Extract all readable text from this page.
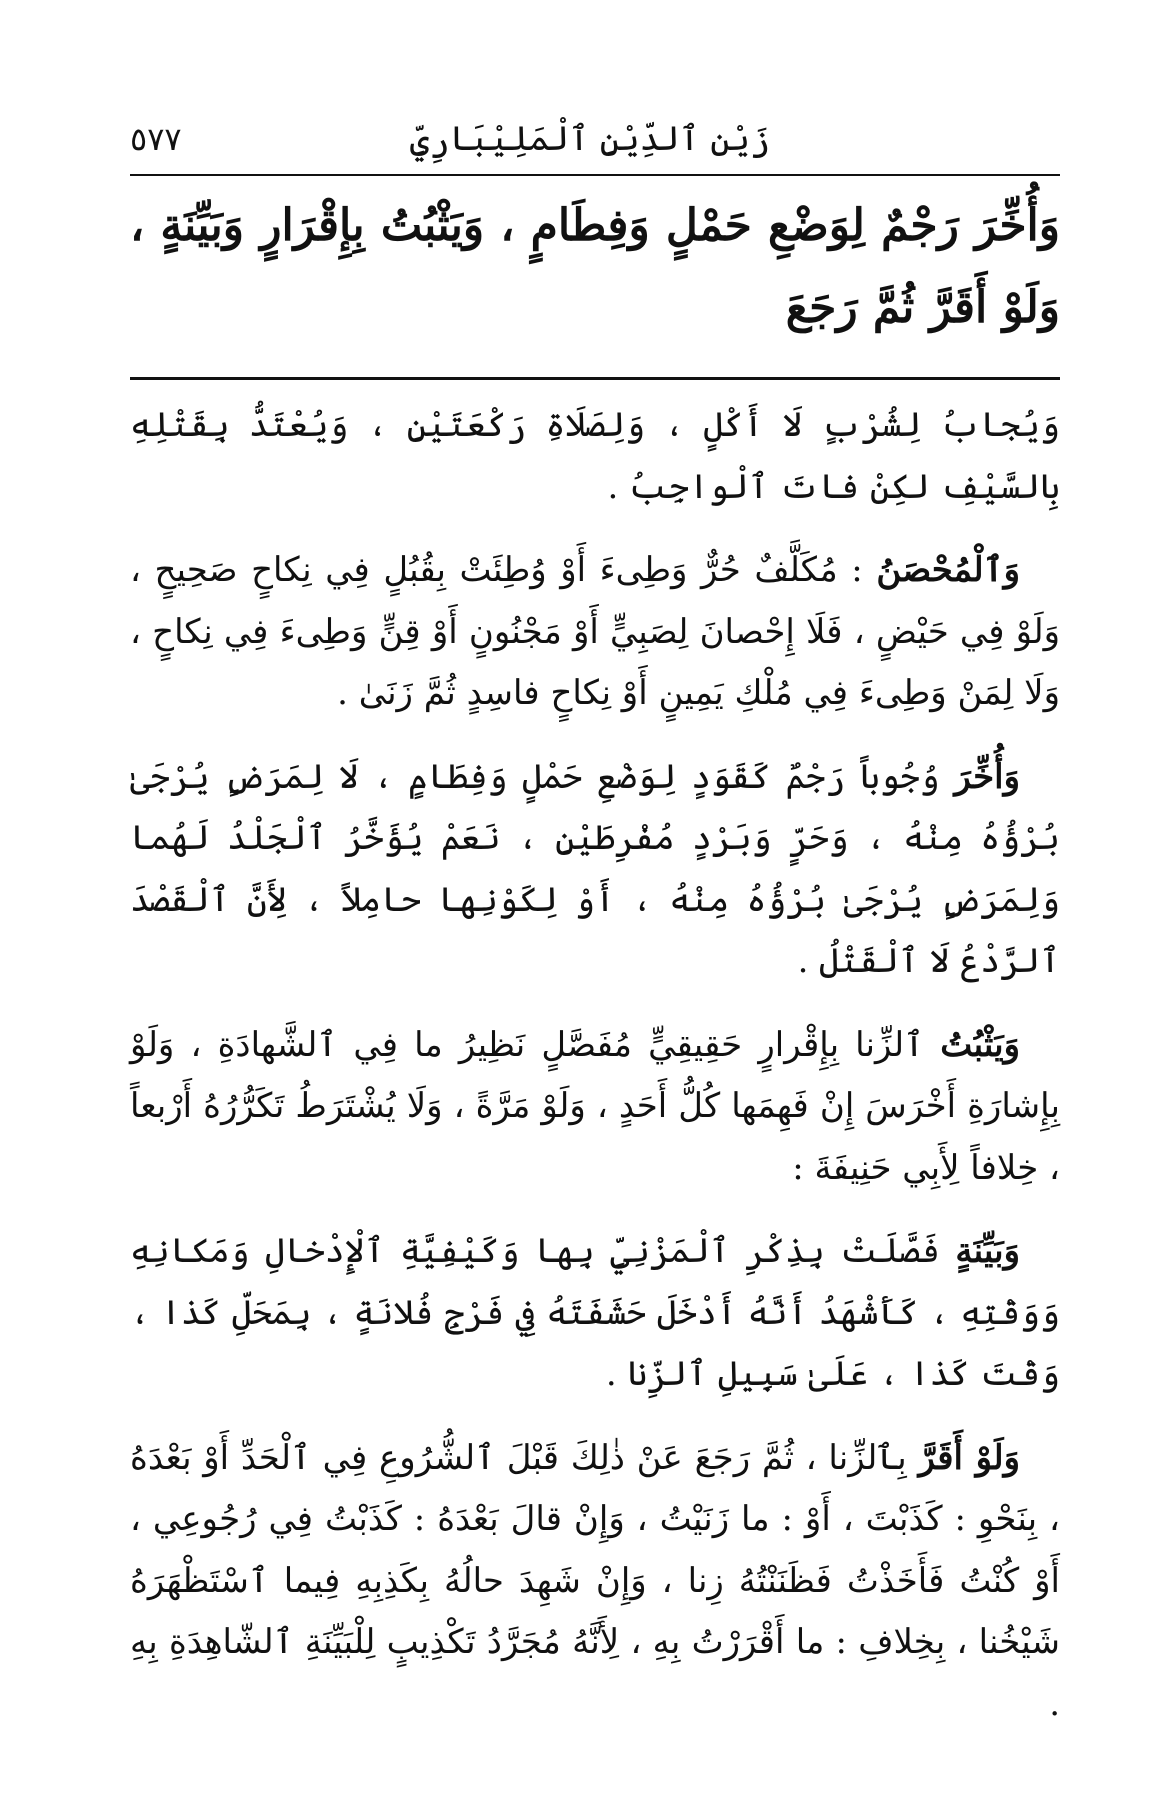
زَيْن ٱلدِّيْنِ ٱلْمَلِيْبَارِيِّ
٥٧٧
وَأُخِّرَ رَجْمٌ لِوَضْعِ حَمْلٍ وَفِطَامٍ ، وَيَثْبُتُ بِإِقْرَارٍ وَبَيِّنَةٍ ، وَلَوْ أَقَرَّ ثُمَّ رَجَعَ

وَيُجابُ لِشُرْبٍ لَا أَكْلٍ ، وَلِصَلَاةِ رَكْعَتَيْنِ ، وَيُعْتَدُّ بِقَتْلِهِ بِالسَّيْفِ لكِنْ فاتَ ٱلْواجِبُ .

وَٱلْمُحْصَنُ : مُكَلَّفٌ حُرٌّ وَطِىءَ أَوْ وُطِئَتْ بِقُبُلٍ فِي نِكاحٍ صَحِيحٍ ، وَلَوْ فِي حَيْضٍ ، فَلَا إِحْصانَ لِصَبِيٍّ أَوْ مَجْنُونٍ أَوْ قِنٍّ وَطِىءَ فِي نِكاحٍ ، وَلَا لِمَنْ وَطِىءَ فِي مُلْكِ يَمِينٍ أَوْ نِكاحٍ فاسِدٍ ثُمَّ زَنَىٰ .

وَأُخِّرَ وُجُوباً رَجْمٌ كَقَوَدٍ لِوَضْعِ حَمْلٍ وَفِطَامٍ ، لَا لِمَرَضٍ يُرْجَىٰ بُرْؤُهُ مِنْهُ ، وَحَرٍّ وَبَرْدٍ مُفْرِطَيْنِ ، نَعَمْ يُؤَخَّرُ ٱلْجَلْدُ لَهُما وَلِمَرَضٍ يُرْجَىٰ بُرْؤُهُ مِنْهُ ، أَوْ لِكَوْنِها حامِلاً ، لِأَنَّ ٱلْقَصْدَ ٱلرَّدْعُ لَا ٱلْقَتْلُ .

وَيَثْبُتُ ٱلزِّنا بِإِقْرارٍ حَقِيقِيٍّ مُفَصَّلٍ نَظِيرُ ما فِي ٱلشَّهادَةِ ، وَلَوْ بِإِشارَةِ أَخْرَسَ إِنْ فَهِمَها كُلُّ أَحَدٍ ، وَلَوْ مَرَّةً ، وَلَا يُشْتَرَطُ تَكَرُّرُهُ أَرْبعاً ، خِلافاً لِأَبِي حَنِيفَةَ :

وَبَيِّنَةٍ فَصَّلَتْ بِذِكْرِ ٱلْمَزْنِيِّ بِها وَكَيْفِيَّةِ ٱلْإِدْخالِ وَمَكانِهِ وَوَقْتِهِ ، كَأَشْهَدُ أَنَّهُ أَدْخَلَ حَشَفَتَهُ فِي فَرْجِ فُلانَةٍ ، بِمَحَلِّ كَذا ، وَقْتَ كَذا ، عَلَىٰ سَبِيلِ ٱلزِّنا .

وَلَوْ أَقَرَّ بِٱلزِّنا ، ثُمَّ رَجَعَ عَنْ ذٰلِكَ قَبْلَ ٱلشُّرُوعِ فِي ٱلْحَدِّ أَوْ بَعْدَهُ ، بِنَحْوِ : كَذَبْتَ ، أَوْ : ما زَنَيْتُ ، وَإِنْ قالَ بَعْدَهُ : كَذَبْتُ فِي رُجُوعِي ، أَوْ كُنْتُ فَأَخَذْتُ فَظَنَنْتُهُ زِنا ، وَإِنْ شَهِدَ حالُهُ بِكَذِبِهِ فِيما ٱسْتَظْهَرَهُ شَيْخُنا ، بِخِلافِ : ما أَقْرَرْتُ بِهِ ، لِأَنَّهُ مُجَرَّدُ تَكْذِيبٍ لِلْبَيِّنَةِ ٱلشّاهِدَةِ بِهِ .
